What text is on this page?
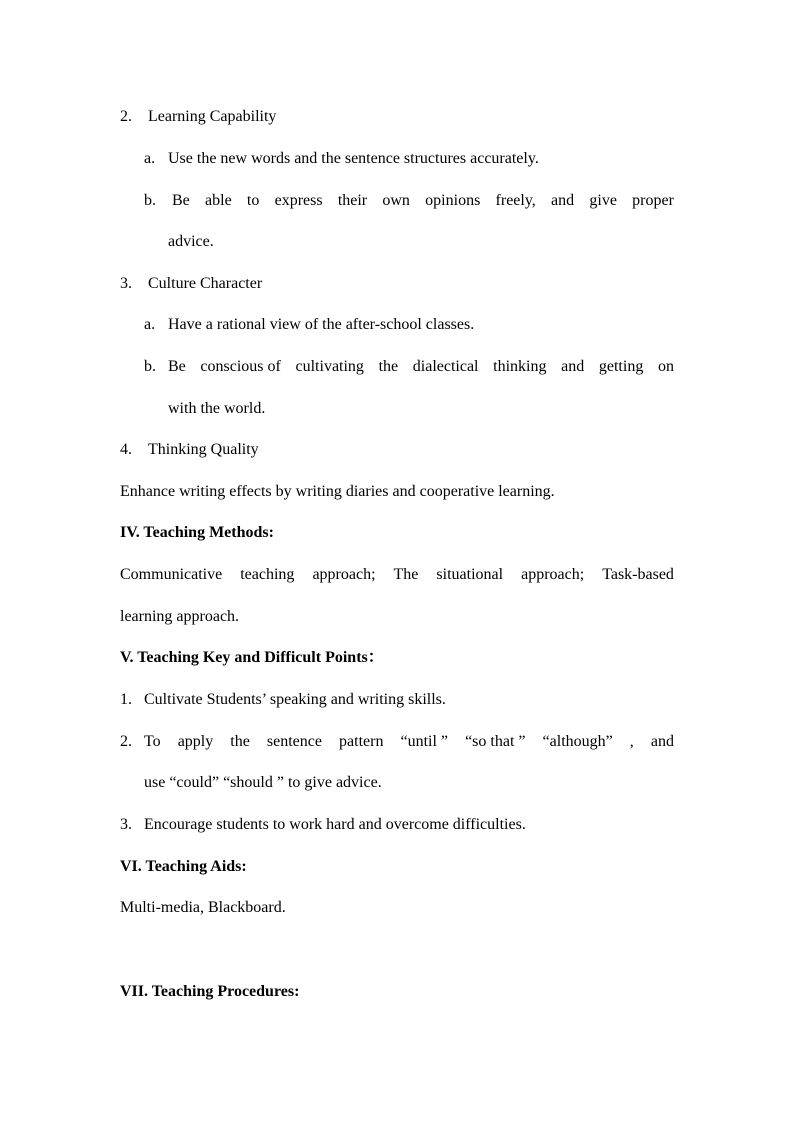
2. Learning Capability
a. Use the new words and the sentence structures accurately.
b.	Be able to express their own opinions freely, and give proper
advice.
3. Culture Character
a. Have a rational view of the after-school classes.
b. Be conscious of cultivating the dialectical thinking and getting on
with the world.
4. Thinking Quality
Enhance writing effects by writing diaries and cooperative learning.
IV. Teaching Methods:
Communicative teaching approach; The situational approach; Task-based
learning approach.
V. Teaching Key and Difficult Points：
1. Cultivate Students’ speaking and writing skills.
2. To apply the sentence pattern “until ” “so that ” “although” , and
use “could” “should ” to give advice.
3. Encourage students to work hard and overcome difficulties.
VI. Teaching Aids:
Multi-media, Blackboard.
VII. Teaching Procedures:
